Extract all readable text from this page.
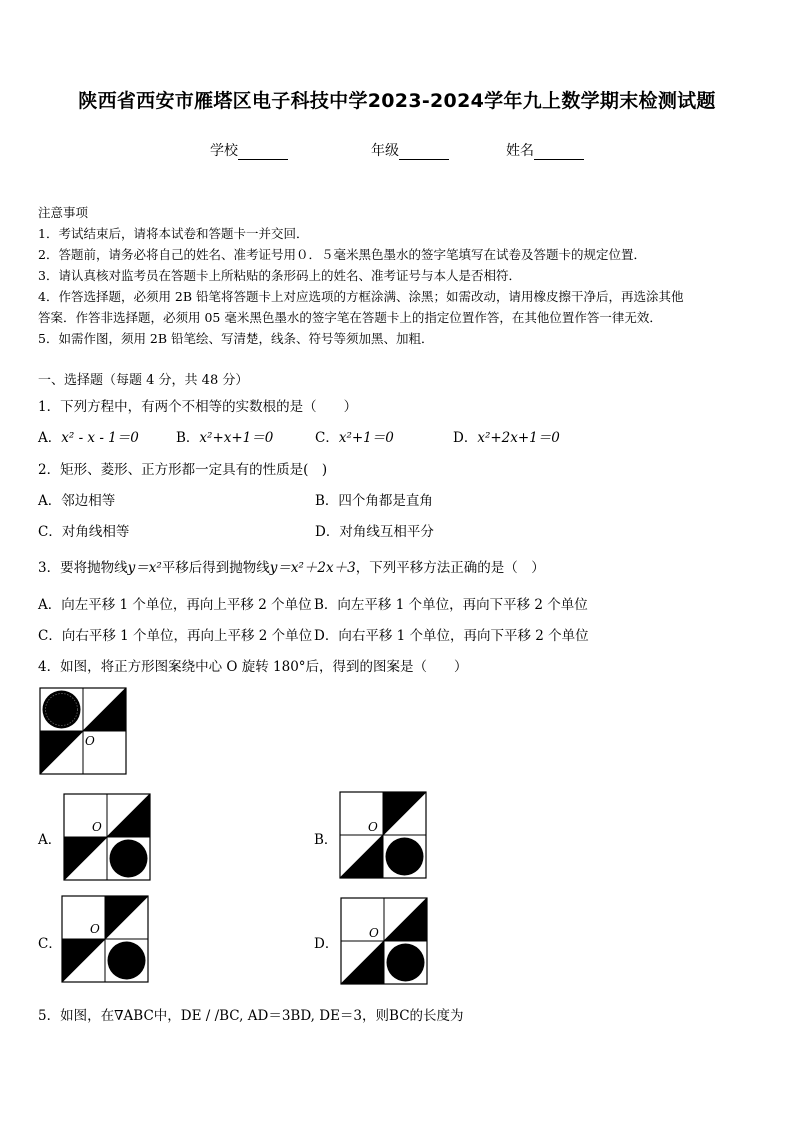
陕西省西安市雁塔区电子科技中学2023-2024学年九上数学期末检测试题
学校	年级	姓名
注意事项
1．考试结束后，请将本试卷和答题卡一并交回．
2．答题前，请务必将自己的姓名、准考证号用０．５毫米黑色墨水的签字笔填写在试卷及答题卡的规定位置．
3．请认真核对监考员在答题卡上所粘贴的条形码上的姓名、准考证号与本人是否相符．
4．作答选择题，必须用 2B 铅笔将答题卡上对应选项的方框涂满、涂黑；如需改动，请用橡皮擦干净后，再选涂其他
答案．作答非选择题，必须用 05 毫米黑色墨水的签字笔在答题卡上的指定位置作答，在其他位置作答一律无效．
5．如需作图，须用 2B 铅笔绘、写清楚，线条、符号等须加黑、加粗．
一、选择题（每题 4 分，共 48 分）
1．下列方程中，有两个不相等的实数根的是（　　）
A．x² - x - 1＝0	B．x²+x+1＝0	C．x²+1＝0	D．x²+2x+1＝0
2．矩形、菱形、正方形都一定具有的性质是(　)
A．邻边相等	B．四个角都是直角
C．对角线相等	D．对角线互相平分
3．要将抛物线y＝x²平移后得到抛物线y＝x²＋2x＋3，下列平移方法正确的是（　）
A．向左平移 1 个单位，再向上平移 2 个单位 B．向左平移 1 个单位，再向下平移 2 个单位
C．向右平移 1 个单位，再向上平移 2 个单位 D．向右平移 1 个单位，再向下平移 2 个单位
4．如图，将正方形图案绕中心 O 旋转 180°后，得到的图案是（　　）
O
A．
O
B．
O
C．
O
D．
O
5．如图，在∇ABC中，DE / /BC, AD＝3BD, DE＝3，则BC的长度为
